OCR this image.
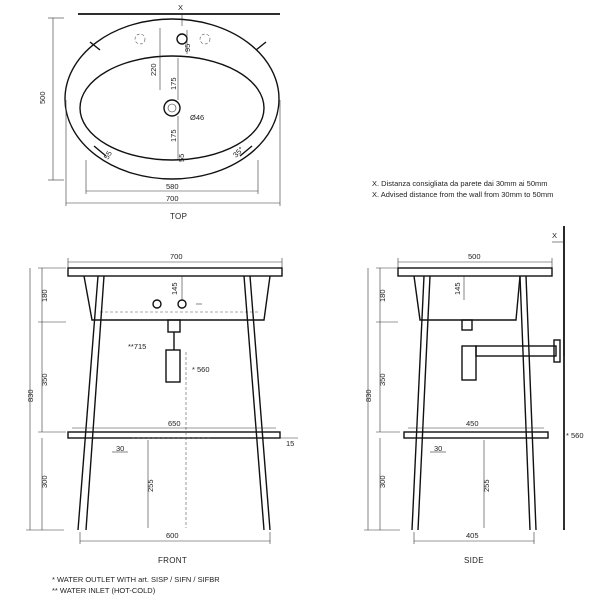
X
500
220
95
175
175
Ø46
55	55	35°
580
700
TOP
X. Distanza consigliata da parete dai 30mm ai 50mm
X. Advised distance from the wall from 30mm to 50mm
700
180
145
**715
* 560
830
350
650
15
30
300	255
600
FRONT
X
500
180
145
830
350
450
* 560
30
300	255
405
SIDE
* WATER OUTLET WITH art. SISP / SIFN / SIFBR
** WATER INLET (HOT-COLD)
